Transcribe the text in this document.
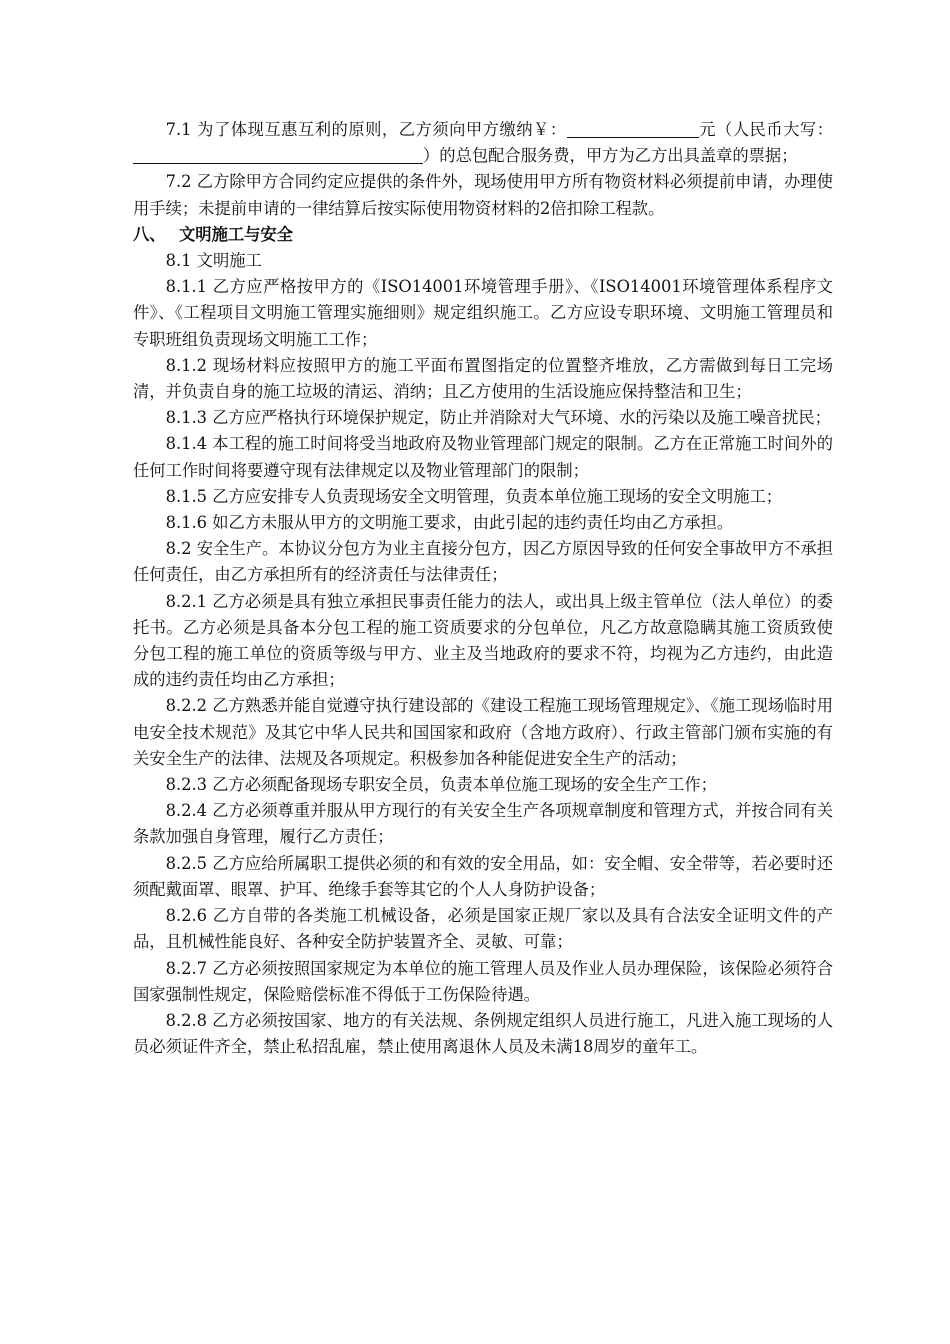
7.1 为了体现互惠互利的原则，乙方须向甲方缴纳￥：	元（人民币大写：）的总包配合服务费，甲方为乙方出具盖章的票据；

7.2 乙方除甲方合同约定应提供的条件外，现场使用甲方所有物资材料必须提前申请，办理使用手续；未提前申请的一律结算后按实际使用物资材料的2倍扣除工程款。

八、 文明施工与安全

8.1 文明施工

8.1.1 乙方应严格按甲方的《ISO14001环境管理手册》、《ISO14001环境管理体系程序文件》、《工程项目文明施工管理实施细则》规定组织施工。乙方应设专职环境、文明施工管理员和专职班组负责现场文明施工工作；

8.1.2 现场材料应按照甲方的施工平面布置图指定的位置整齐堆放，乙方需做到每日工完场清，并负责自身的施工垃圾的清运、消纳；且乙方使用的生活设施应保持整洁和卫生；

8.1.3 乙方应严格执行环境保护规定，防止并消除对大气环境、水的污染以及施工噪音扰民；

8.1.4 本工程的施工时间将受当地政府及物业管理部门规定的限制。乙方在正常施工时间外的任何工作时间将要遵守现有法律规定以及物业管理部门的限制；

8.1.5 乙方应安排专人负责现场安全文明管理，负责本单位施工现场的安全文明施工；

8.1.6 如乙方未服从甲方的文明施工要求，由此引起的违约责任均由乙方承担。

8.2 安全生产。本协议分包方为业主直接分包方，因乙方原因导致的任何安全事故甲方不承担任何责任，由乙方承担所有的经济责任与法律责任；

8.2.1 乙方必须是具有独立承担民事责任能力的法人，或出具上级主管单位（法人单位）的委托书。乙方必须是具备本分包工程的施工资质要求的分包单位，凡乙方故意隐瞒其施工资质致使分包工程的施工单位的资质等级与甲方、业主及当地政府的要求不符，均视为乙方违约，由此造成的违约责任均由乙方承担；

8.2.2 乙方熟悉并能自觉遵守执行建设部的《建设工程施工现场管理规定》、《施工现场临时用电安全技术规范》及其它中华人民共和国国家和政府（含地方政府）、行政主管部门颁布实施的有关安全生产的法律、法规及各项规定。积极参加各种能促进安全生产的活动；

8.2.3 乙方必须配备现场专职安全员，负责本单位施工现场的安全生产工作；

8.2.4 乙方必须尊重并服从甲方现行的有关安全生产各项规章制度和管理方式，并按合同有关条款加强自身管理，履行乙方责任；

8.2.5 乙方应给所属职工提供必须的和有效的安全用品，如：安全帽、安全带等，若必要时还须配戴面罩、眼罩、护耳、绝缘手套等其它的个人人身防护设备；

8.2.6 乙方自带的各类施工机械设备，必须是国家正规厂家以及具有合法安全证明文件的产品，且机械性能良好、各种安全防护装置齐全、灵敏、可靠；

8.2.7 乙方必须按照国家规定为本单位的施工管理人员及作业人员办理保险，该保险必须符合国家强制性规定，保险赔偿标准不得低于工伤保险待遇。

8.2.8 乙方必须按国家、地方的有关法规、条例规定组织人员进行施工，凡进入施工现场的人员必须证件齐全，禁止私招乱雇，禁止使用离退休人员及未满18周岁的童年工。
